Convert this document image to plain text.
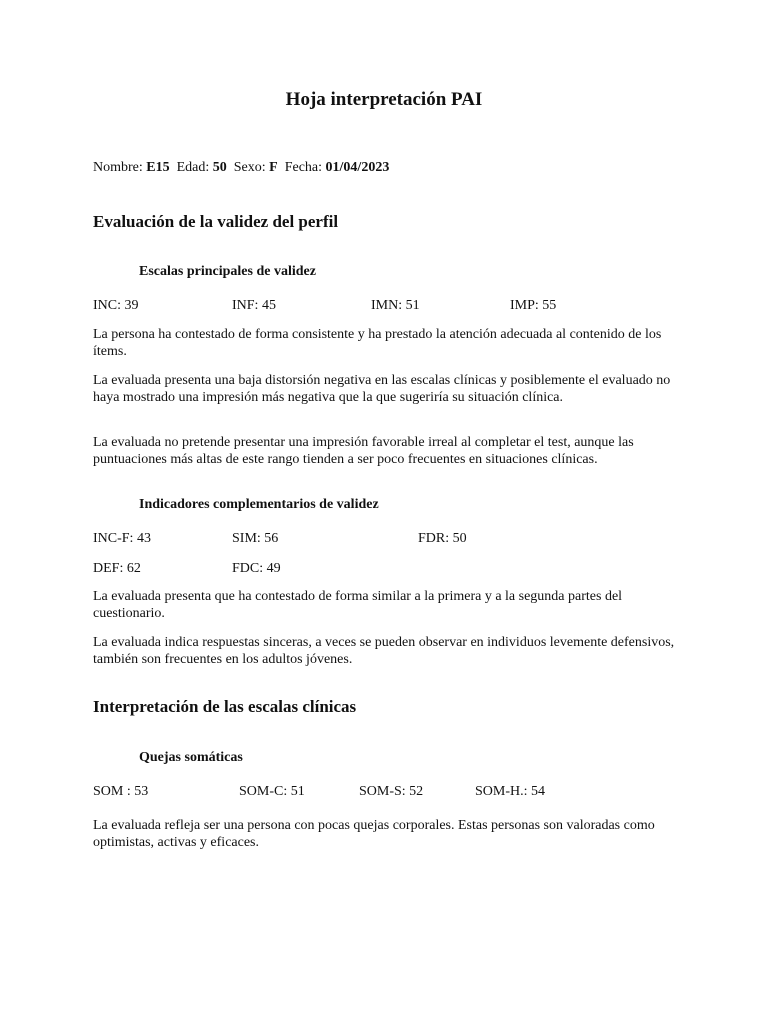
Hoja interpretación PAI
Nombre: E15 Edad: 50 Sexo: F Fecha: 01/04/2023
Evaluación de la validez del perfil
Escalas principales de validez
INC: 39	INF: 45	IMN: 51	IMP: 55

La persona ha contestado de forma consistente y ha prestado la atención adecuada al contenido de los ítems.

La evaluada presenta una baja distorsión negativa en las escalas clínicas y posiblemente el evaluado no haya mostrado una impresión más negativa que la que sugeriría su situación clínica.

La evaluada no pretende presentar una impresión favorable irreal al completar el test, aunque las puntuaciones más altas de este rango tienden a ser poco frecuentes en situaciones clínicas.

Indicadores complementarios de validez
INC-F: 43	SIM: 56	FDR: 50
DEF: 62	FDC: 49

La evaluada presenta que ha contestado de forma similar a la primera y a la segunda partes del cuestionario.

La evaluada indica respuestas sinceras, a veces se pueden observar en individuos levemente defensivos, también son frecuentes en los adultos jóvenes.

Interpretación de las escalas clínicas
Quejas somáticas
SOM : 53	SOM-C: 51	SOM-S: 52	SOM-H.: 54

La evaluada refleja ser una persona con pocas quejas corporales. Estas personas son valoradas como optimistas, activas y eficaces.
